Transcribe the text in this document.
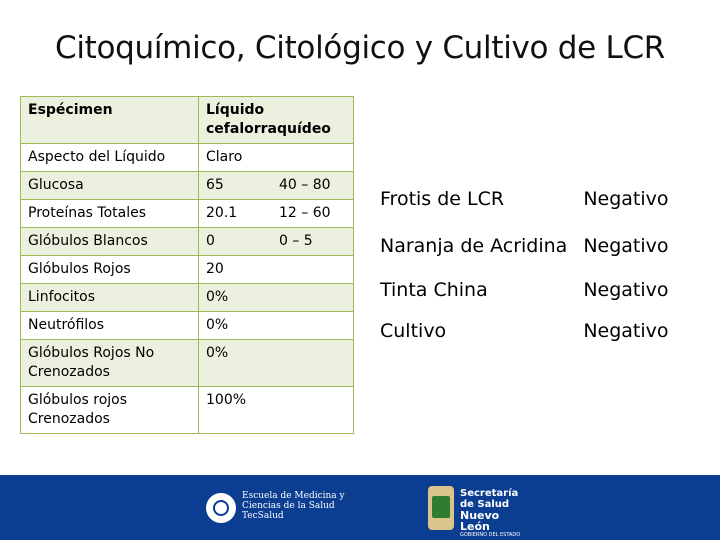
Citoquímico, Citológico y Cultivo de LCR
Espécimen	Líquido cefalorraquídeo	
Aspecto del Líquido	Claro	
Glucosa	65	40 – 80
Proteínas Totales	20.1	12 – 60
Glóbulos Blancos	0	0 – 5
Glóbulos Rojos	20	
Linfocitos	0%	
Neutrófilos	0%	
Glóbulos Rojos No Crenozados	0%	
Glóbulos rojos Crenozados	100%	
Frotis de LCR	Negativo
Naranja de Acridina	Negativo
Tinta China	Negativo
Cultivo	Negativo
Escuela de Medicina y
Ciencias de la Salud
TecSalud
Secretaría
de Salud
Nuevo León
GOBIERNO DEL ESTADO
